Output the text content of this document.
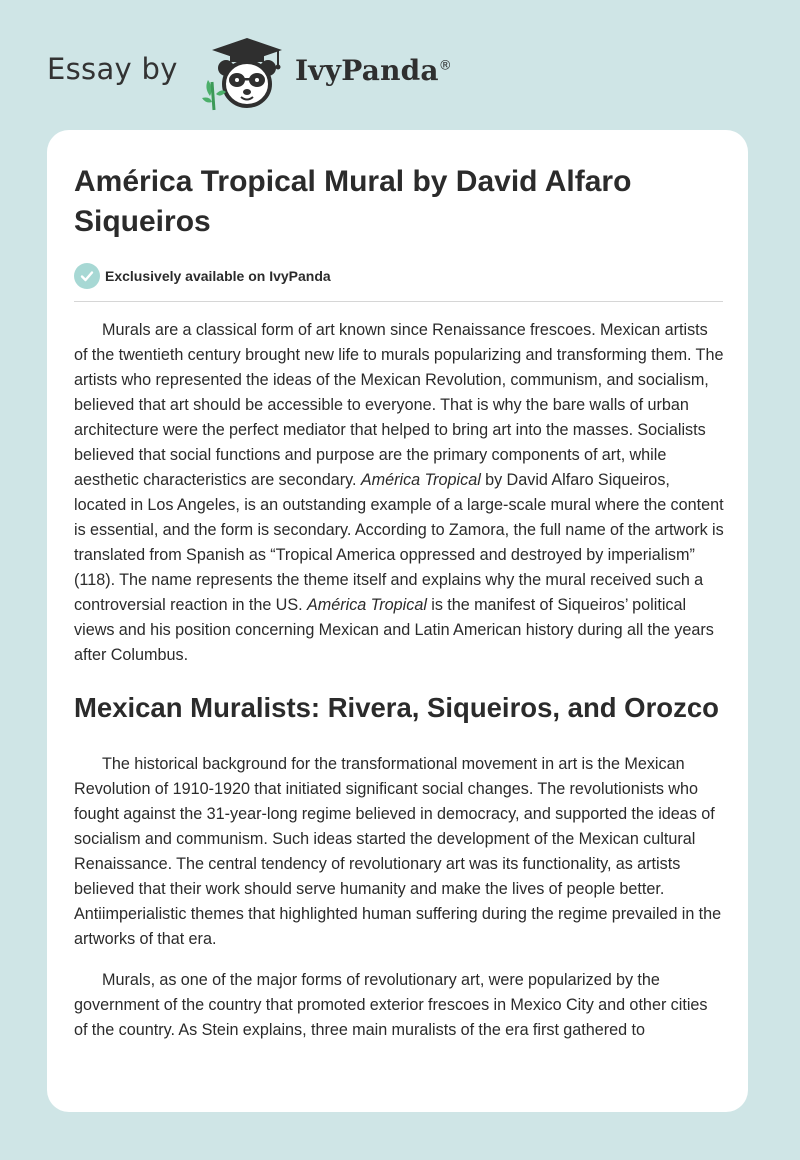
Essay by	IvyPanda®
América Tropical Mural by David Alfaro Siqueiros
Exclusively available on IvyPanda

Murals are a classical form of art known since Renaissance frescoes. Mexican artists of the twentieth century brought new life to murals popularizing and transforming them. The artists who represented the ideas of the Mexican Revolution, communism, and socialism, believed that art should be accessible to everyone. That is why the bare walls of urban architecture were the perfect mediator that helped to bring art into the masses. Socialists believed that social functions and purpose are the primary components of art, while aesthetic characteristics are secondary. América Tropical by David Alfaro Siqueiros, located in Los Angeles, is an outstanding example of a large-scale mural where the content is essential, and the form is secondary. According to Zamora, the full name of the artwork is translated from Spanish as “Tropical America oppressed and destroyed by imperialism” (118). The name represents the theme itself and explains why the mural received such a controversial reaction in the US. América Tropical is the manifest of Siqueiros’ political views and his position concerning Mexican and Latin American history during all the years after Columbus.

Mexican Muralists: Rivera, Siqueiros, and Orozco

The historical background for the transformational movement in art is the Mexican Revolution of 1910-1920 that initiated significant social changes. The revolutionists who fought against the 31-year-long regime believed in democracy, and supported the ideas of socialism and communism. Such ideas started the development of the Mexican cultural Renaissance. The central tendency of revolutionary art was its functionality, as artists believed that their work should serve humanity and make the lives of people better. Antiimperialistic themes that highlighted human suffering during the regime prevailed in the artworks of that era.

Murals, as one of the major forms of revolutionary art, were popularized by the government of the country that promoted exterior frescoes in Mexico City and other cities of the country. As Stein explains, three main muralists of the era first gathered to
